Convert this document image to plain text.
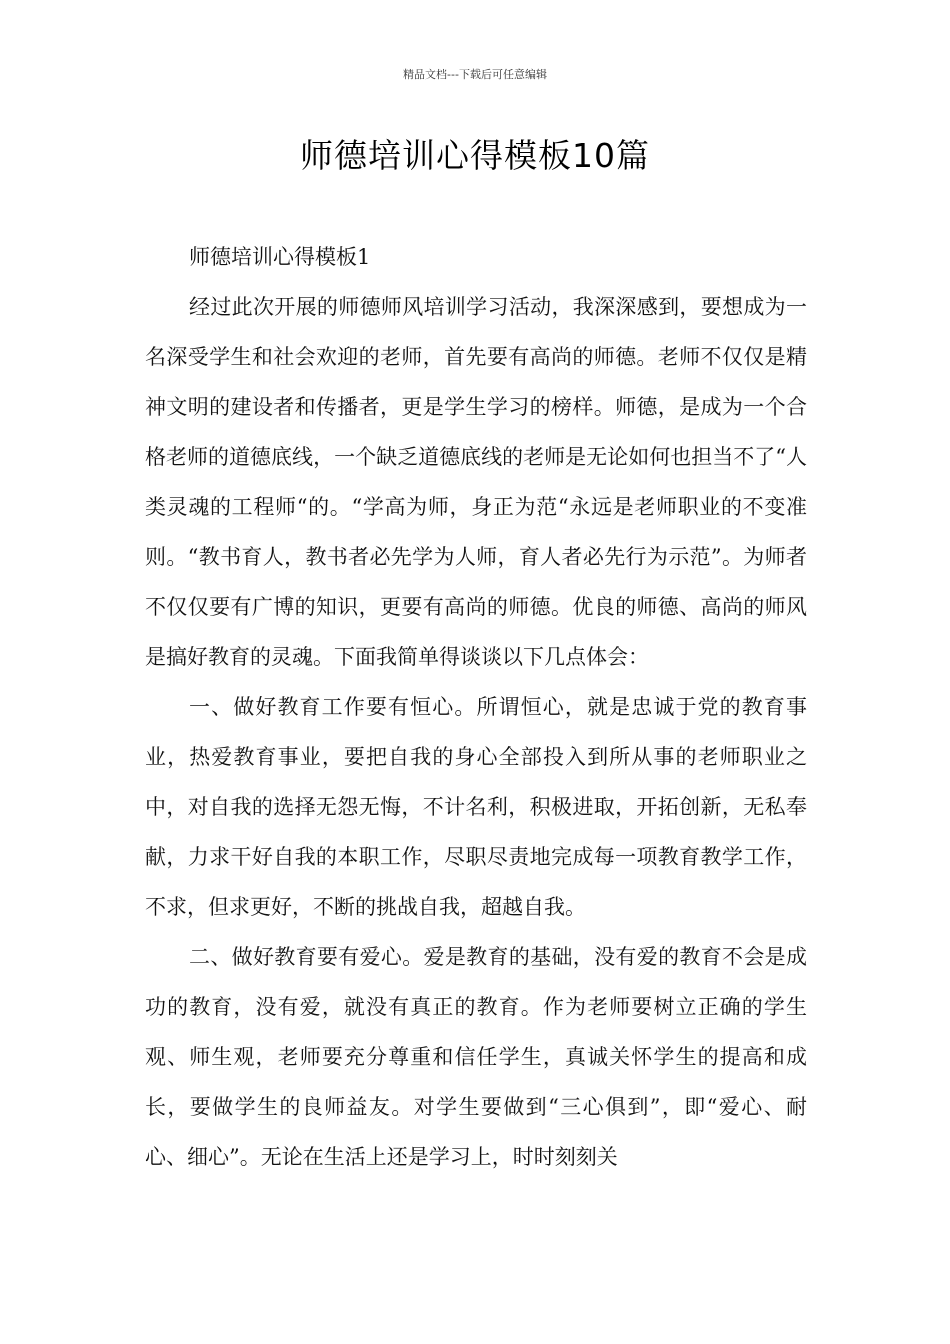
精品文档---下载后可任意编辑
师德培训心得模板10篇

师德培训心得模板1

经过此次开展的师德师风培训学习活动，我深深感到，要想成为一名深受学生和社会欢迎的老师，首先要有高尚的师德。老师不仅仅是精神文明的建设者和传播者，更是学生学习的榜样。师德，是成为一个合格老师的道德底线，一个缺乏道德底线的老师是无论如何也担当不了“人类灵魂的工程师“的。“学高为师，身正为范“永远是老师职业的不变准则。“教书育人，教书者必先学为人师，育人者必先行为示范”。为师者不仅仅要有广博的知识，更要有高尚的师德。优良的师德、高尚的师风是搞好教育的灵魂。下面我简单得谈谈以下几点体会：

一、做好教育工作要有恒心。所谓恒心，就是忠诚于党的教育事业，热爱教育事业，要把自我的身心全部投入到所从事的老师职业之中，对自我的选择无怨无悔，不计名利，积极进取，开拓创新，无私奉献，力求干好自我的本职工作，尽职尽责地完成每一项教育教学工作，不求，但求更好，不断的挑战自我，超越自我。

二、做好教育要有爱心。爱是教育的基础，没有爱的教育不会是成功的教育，没有爱，就没有真正的教育。作为老师要树立正确的学生观、师生观，老师要充分尊重和信任学生，真诚关怀学生的提高和成长，要做学生的良师益友。对学生要做到“三心俱到”，即“爱心、耐心、细心”。无论在生活上还是学习上，时时刻刻关
